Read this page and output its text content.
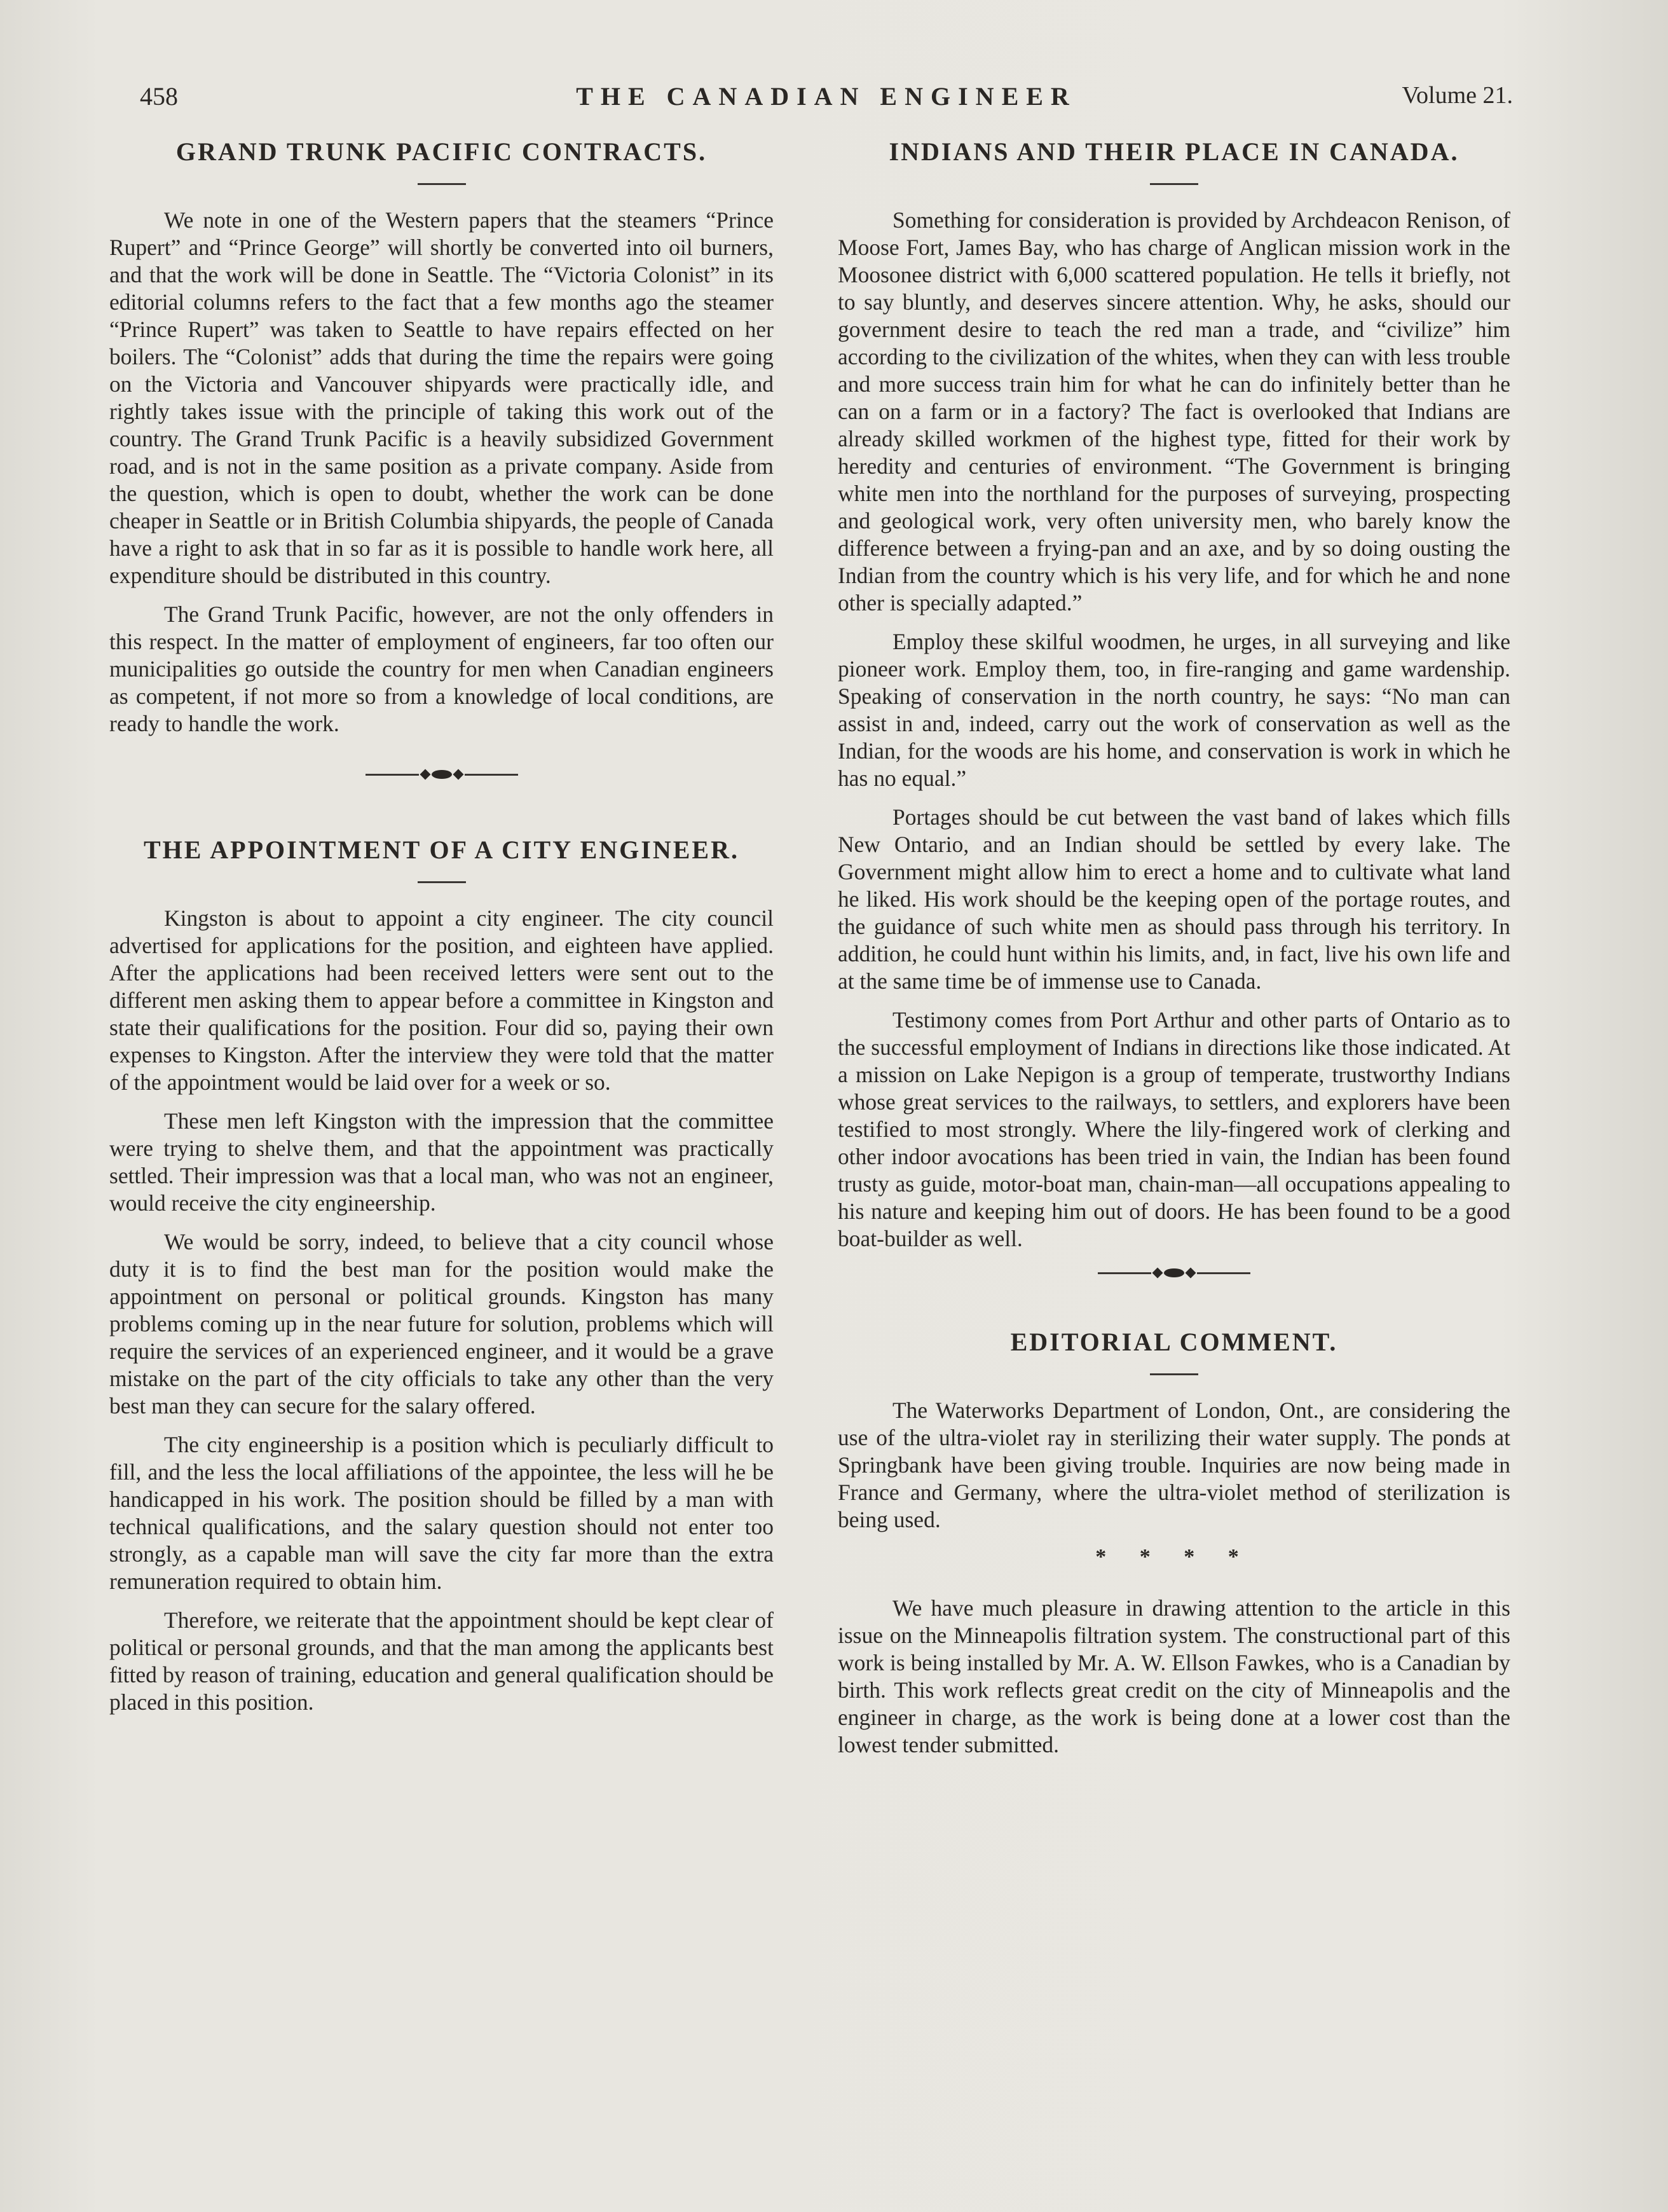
458	THE CANADIAN ENGINEER	Volume 21.
GRAND TRUNK PACIFIC CONTRACTS.

We note in one of the Western papers that the steamers “Prince Rupert” and “Prince George” will shortly be converted into oil burners, and that the work will be done in Seattle. The “Victoria Colonist” in its editorial columns refers to the fact that a few months ago the steamer “Prince Rupert” was taken to Seattle to have repairs effected on her boilers. The “Colonist” adds that during the time the repairs were going on the Victoria and Vancouver shipyards were practically idle, and rightly takes issue with the principle of taking this work out of the country. The Grand Trunk Pacific is a heavily subsidized Government road, and is not in the same position as a private company. Aside from the question, which is open to doubt, whether the work can be done cheaper in Seattle or in British Columbia shipyards, the people of Canada have a right to ask that in so far as it is possible to handle work here, all expenditure should be distributed in this country.

The Grand Trunk Pacific, however, are not the only offenders in this respect. In the matter of employment of engineers, far too often our municipalities go outside the country for men when Canadian engineers as competent, if not more so from a knowledge of local conditions, are ready to handle the work.

THE APPOINTMENT OF A CITY ENGINEER.

Kingston is about to appoint a city engineer. The city council advertised for applications for the position, and eighteen have applied. After the applications had been received letters were sent out to the different men asking them to appear before a committee in Kingston and state their qualifications for the position. Four did so, paying their own expenses to Kingston. After the interview they were told that the matter of the appointment would be laid over for a week or so.

These men left Kingston with the impression that the committee were trying to shelve them, and that the appointment was practically settled. Their impression was that a local man, who was not an engineer, would receive the city engineership.

We would be sorry, indeed, to believe that a city council whose duty it is to find the best man for the position would make the appointment on personal or political grounds. Kingston has many problems coming up in the near future for solution, problems which will require the services of an experienced engineer, and it would be a grave mistake on the part of the city officials to take any other than the very best man they can secure for the salary offered.

The city engineership is a position which is peculiarly difficult to fill, and the less the local affiliations of the appointee, the less will he be handicapped in his work. The position should be filled by a man with technical qualifications, and the salary question should not enter too strongly, as a capable man will save the city far more than the extra remuneration required to obtain him.

Therefore, we reiterate that the appointment should be kept clear of political or personal grounds, and that the man among the applicants best fitted by reason of training, education and general qualification should be placed in this position.

INDIANS AND THEIR PLACE IN CANADA.

Something for consideration is provided by Archdeacon Renison, of Moose Fort, James Bay, who has charge of Anglican mission work in the Moosonee district with 6,000 scattered population. He tells it briefly, not to say bluntly, and deserves sincere attention. Why, he asks, should our government desire to teach the red man a trade, and “civilize” him according to the civilization of the whites, when they can with less trouble and more success train him for what he can do infinitely better than he can on a farm or in a factory? The fact is overlooked that Indians are already skilled workmen of the highest type, fitted for their work by heredity and centuries of environment. “The Government is bringing white men into the northland for the purposes of surveying, prospecting and geological work, very often university men, who barely know the difference between a frying-pan and an axe, and by so doing ousting the Indian from the country which is his very life, and for which he and none other is specially adapted.”

Employ these skilful woodmen, he urges, in all surveying and like pioneer work. Employ them, too, in fire-ranging and game wardenship. Speaking of conservation in the north country, he says: “No man can assist in and, indeed, carry out the work of conservation as well as the Indian, for the woods are his home, and conservation is work in which he has no equal.”

Portages should be cut between the vast band of lakes which fills New Ontario, and an Indian should be settled by every lake. The Government might allow him to erect a home and to cultivate what land he liked. His work should be the keeping open of the portage routes, and the guidance of such white men as should pass through his territory. In addition, he could hunt within his limits, and, in fact, live his own life and at the same time be of immense use to Canada.

Testimony comes from Port Arthur and other parts of Ontario as to the successful employment of Indians in directions like those indicated. At a mission on Lake Nepigon is a group of temperate, trustworthy Indians whose great services to the railways, to settlers, and explorers have been testified to most strongly. Where the lily-fingered work of clerking and other indoor avocations has been tried in vain, the Indian has been found trusty as guide, motor-boat man, chain-man—all occupations appealing to his nature and keeping him out of doors. He has been found to be a good boat-builder as well.

EDITORIAL COMMENT.

The Waterworks Department of London, Ont., are considering the use of the ultra-violet ray in sterilizing their water supply. The ponds at Springbank have been giving trouble. Inquiries are now being made in France and Germany, where the ultra-violet method of sterilization is being used.

* * * *

We have much pleasure in drawing attention to the article in this issue on the Minneapolis filtration system. The constructional part of this work is being installed by Mr. A. W. Ellson Fawkes, who is a Canadian by birth. This work reflects great credit on the city of Minneapolis and the engineer in charge, as the work is being done at a lower cost than the lowest tender submitted.
